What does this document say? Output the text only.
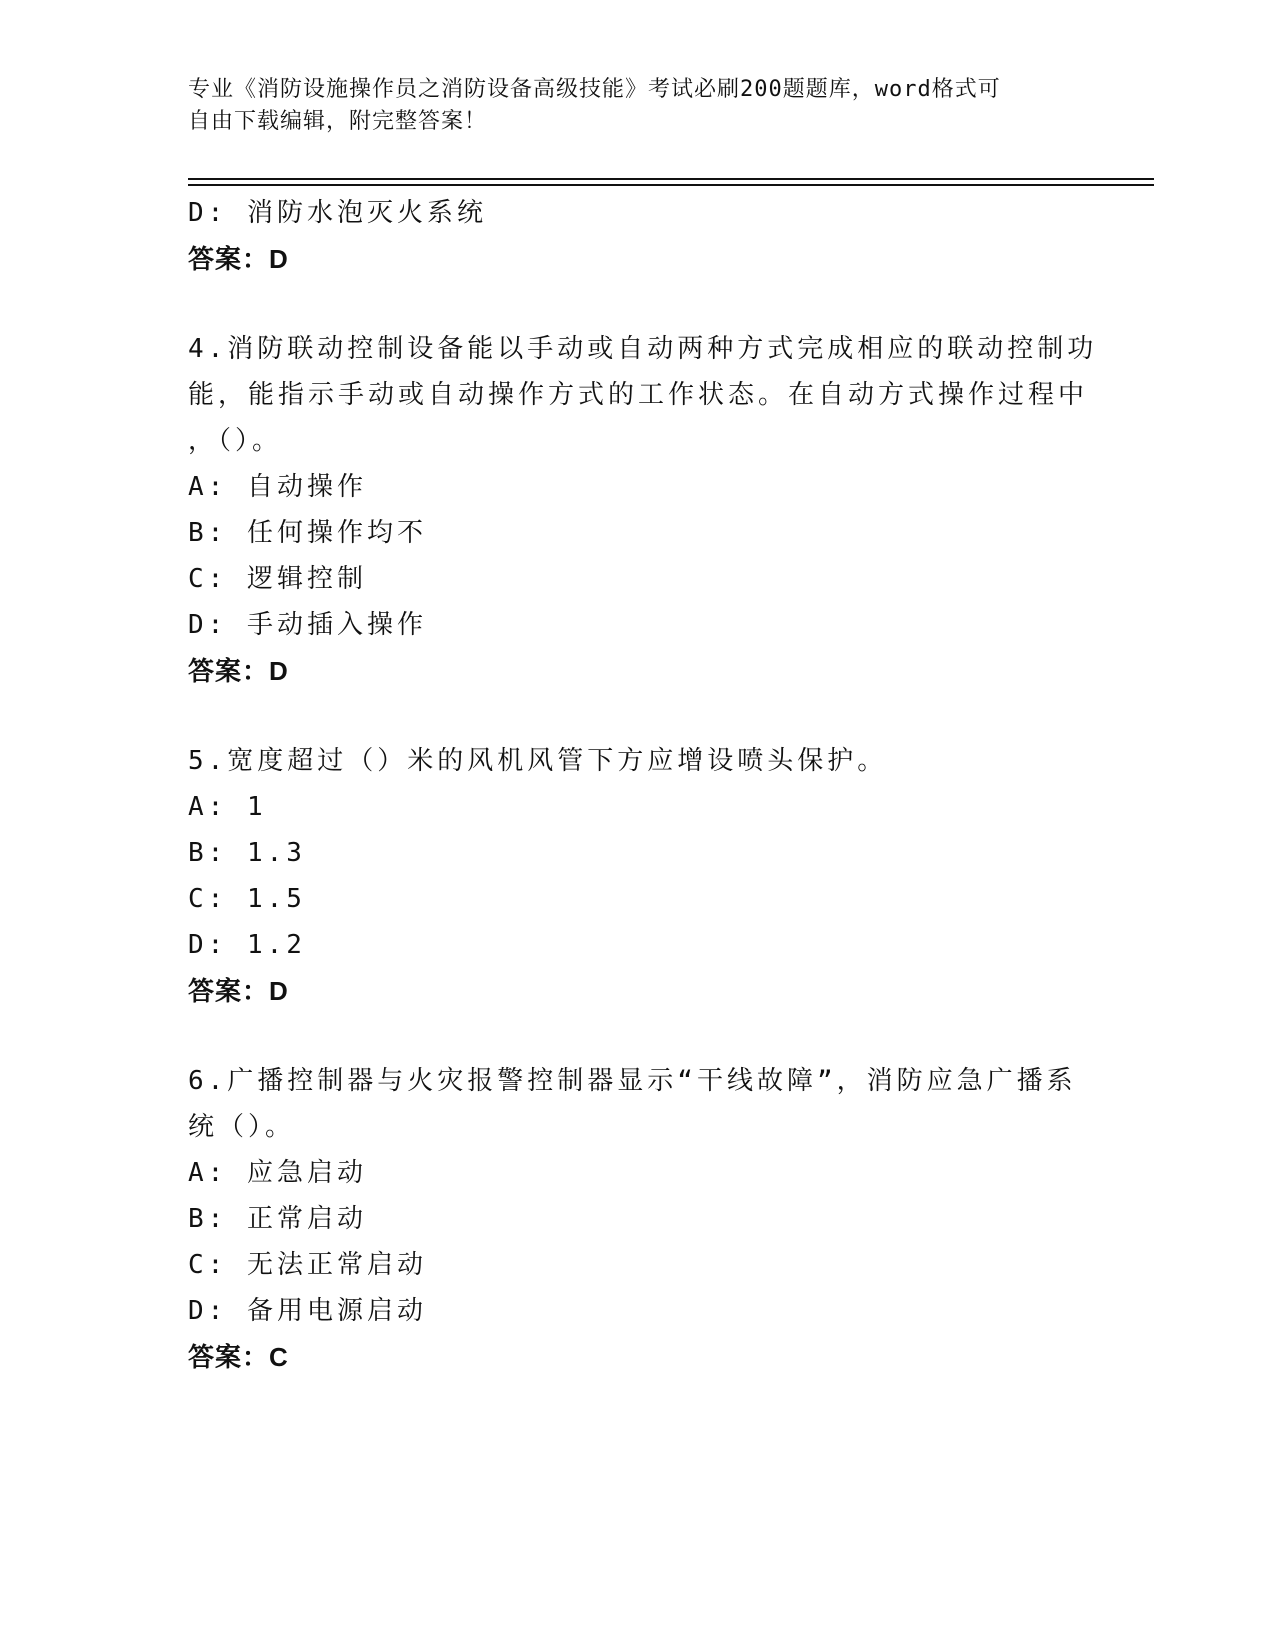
专业《消防设施操作员之消防设备高级技能》考试必刷200题题库，word格式可
自由下载编辑，附完整答案！
D: 消防水泡灭火系统
答案：D
4.消防联动控制设备能以手动或自动两种方式完成相应的联动控制功
能，能指示手动或自动操作方式的工作状态。在自动方式操作过程中
，（）。
A: 自动操作
B: 任何操作均不
C: 逻辑控制
D: 手动插入操作
答案：D
5.宽度超过（）米的风机风管下方应增设喷头保护。
A: 1
B: 1.3
C: 1.5
D: 1.2
答案：D
6.广播控制器与火灾报警控制器显示“干线故障”，消防应急广播系
统（）。
A: 应急启动
B: 正常启动
C: 无法正常启动
D: 备用电源启动
答案：C
